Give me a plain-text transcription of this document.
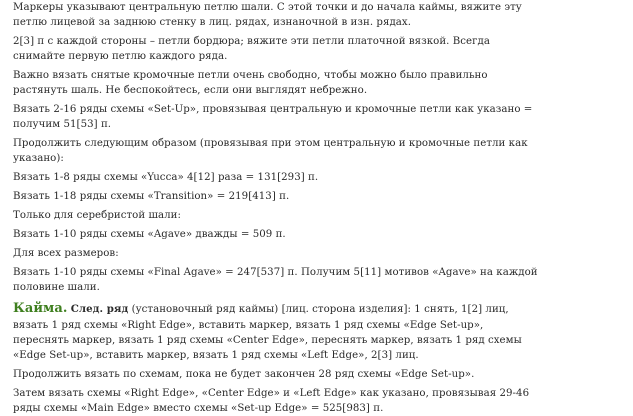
Маркеры указывают центральную петлю шали. С этой точки и до начала каймы, вяжите эту

петлю лицевой за заднюю стенку в лиц. рядах, изнаночной в изн. рядах.

2[3] п с каждой стороны – петли бордюра; вяжите эти петли платочной вязкой. Всегда

снимайте первую петлю каждого ряда.

Важно вязать снятые кромочные петли очень свободно, чтобы можно было правильно

растянуть шаль. Не беспокойтесь, если они выглядят небрежно.

Вязать 2-16 ряды схемы «Set-Up», провязывая центральную и кромочные петли как указано =

получим 51[53] п.

Продолжить следующим образом (провязывая при этом центральную и кромочные петли как

указано):

Вязать 1-8 ряды схемы «Yucca» 4[12] раза = 131[293] п.

Вязать 1-18 ряды схемы «Transition» = 219[413] п.

Только для серебристой шали:

Вязать 1-10 ряды схемы «Agave» дважды = 509 п.

Для всех размеров:

Вязать 1-10 ряды схемы «Final Agave» = 247[537] п. Получим 5[11] мотивов «Agave» на каждой

половине шали.

Кайма. След. ряд (установочный ряд каймы) [лиц. сторона изделия]: 1 снять, 1[2] лиц,

вязать 1 ряд схемы «Right Edge», вставить маркер, вязать 1 ряд схемы «Edge Set-up»,

переснять маркер, вязать 1 ряд схемы «Center Edge», переснять маркер, вязать 1 ряд схемы

«Edge Set-up», вставить маркер, вязать 1 ряд схемы «Left Edge», 2[3] лиц.

Продолжить вязать по схемам, пока не будет закончен 28 ряд схемы «Edge Set-up».

Затем вязать схемы «Right Edge», «Center Edge» и «Left Edge» как указано, провязывая 29-46

ряды схемы «Main Edge» вместо схемы «Set-up Edge» = 525[983] п.
